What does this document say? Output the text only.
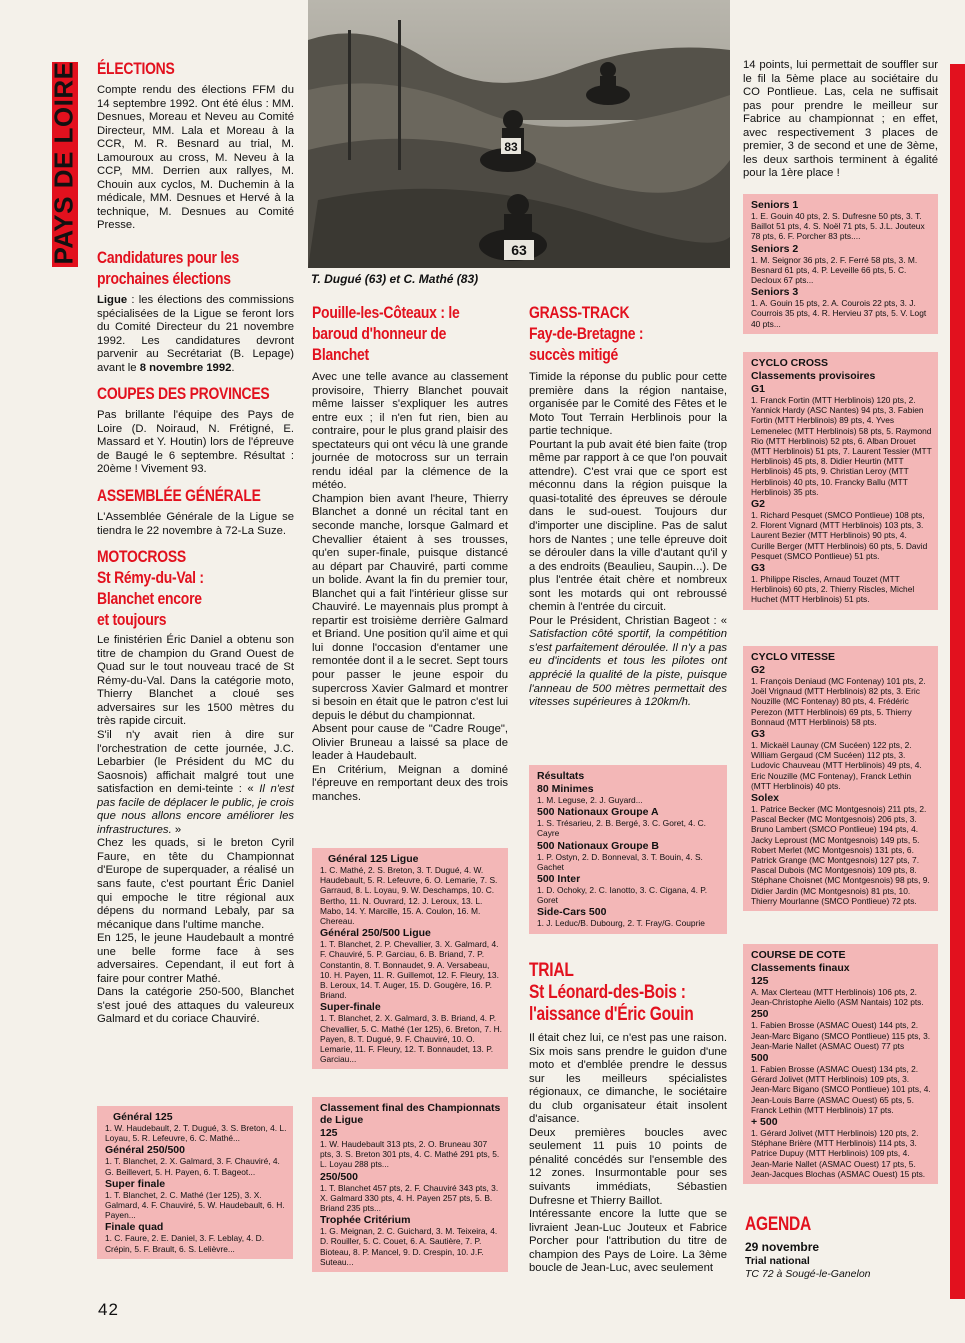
PAYS DE LOIRE	83
63
T. Dugué (63) et C. Mathé (83)
ÉLECTIONS

Compte rendu des élections FFM du 14 septembre 1992. Ont été élus : MM. Desnues, Moreau et Neveu au Comité Directeur, MM. Lala et Moreau à la CCR, M. R. Besnard au trial, M. Lamouroux au cross, M. Neveu à la CCP, MM. Derrien aux rallyes, M. Chouin aux cyclos, M. Duchemin à la médicale, MM. Desnues et Hervé à la technique, M. Desnues au Comité Presse.

Candidatures pour les
prochaines élections

Ligue : les élections des commissions spécialisées de la Ligue se feront lors du Comité Directeur du 21 novembre 1992. Les candidatures devront parvenir au Secrétariat (B. Lepage) avant le 8 novembre 1992.

COUPES DES PROVINCES

Pas brillante l'équipe des Pays de Loire (D. Noiraud, N. Frétigné, E. Massard et Y. Houtin) lors de l'épreuve de Baugé le 6 septembre. Résultat : 20ème ! Vivement 93.

ASSEMBLÉE GÉNÉRALE

L'Assemblée Générale de la Ligue se tiendra le 22 novembre à 72-La Suze.

MOTOCROSS
St Rémy-du-Val :
Blanchet encore
et toujours

Le finistérien Éric Daniel a obtenu son titre de champion du Grand Ouest de Quad sur le tout nouveau tracé de St Rémy-du-Val. Dans la catégorie moto, Thierry Blanchet a cloué ses adversaires sur les 1500 mètres du très rapide circuit.

S'il n'y avait rien à dire sur l'orchestration de cette journée, J.C. Lebarbier (le Président du MC du Saosnois) affichait malgré tout une satisfaction en demi-teinte : « Il n'est pas facile de déplacer le public, je crois que nous allons encore améliorer les infrastructures. »

Chez les quads, si le breton Cyril Faure, en tête du Championnat d'Europe de superquader, a réalisé un sans faute, c'est pourtant Éric Daniel qui empoche le titre régional aux dépens du normand Lebaly, par sa mécanique dans l'ultime manche.

En 125, le jeune Haudebault a montré une belle forme face à ses adversaires. Cependant, il eut fort à faire pour contrer Mathé.

Dans la catégorie 250-500, Blanchet s'est joué des attaques du valeureux Galmard et du coriace Chauviré.

Général 125
1. W. Haudebault, 2. T. Dugué, 3. S. Breton, 4. L. Loyau, 5. R. Lefeuvre, 6. C. Mathé...
Général 250/500
1. T. Blanchet, 2. X. Galmard, 3. F. Chauviré, 4. G. Beillevert, 5. H. Payen, 6. T. Bageot...
Super finale
1. T. Blanchet, 2. C. Mathé (1er 125), 3. X. Galmard, 4. F. Chauviré, 5. W. Haudebault, 6. H. Payen...
Finale quad
1. C. Faure, 2. E. Daniel, 3. F. Leblay, 4. D. Crépin, 5. F. Brault, 6. S. Lelièvre...
Pouille-les-Côteaux : le
baroud d'honneur de
Blanchet

Avec une telle avance au classement provisoire, Thierry Blanchet pouvait même laisser s'expliquer les autres entre eux ; il n'en fut rien, bien au contraire, pour le plus grand plaisir des spectateurs qui ont vécu là une grande journée de motocross sur un terrain rendu idéal par la clémence de la météo.

Champion bien avant l'heure, Thierry Blanchet a donné un récital tant en seconde manche, lorsque Galmard et Chevallier étaient à ses trousses, qu'en super-finale, puisque distancé au départ par Chauviré, parti comme un bolide. Avant la fin du premier tour, Blanchet qui a fait l'intérieur glisse sur Chauviré. Le mayennais plus prompt à repartir est troisième derrière Galmard et Briand. Une position qu'il aime et qui lui donne l'occasion d'entamer une remontée dont il a le secret. Sept tours pour passer le jeune espoir du supercross Xavier Galmard et montrer si besoin en était que le patron c'est lui depuis le début du championnat.

Absent pour cause de "Cadre Rouge", Olivier Bruneau a laissé sa place de leader à Haudebault.

En Critérium, Meignan a dominé l'épreuve en remportant deux des trois manches.

Général 125 Ligue
1. C. Mathé, 2. S. Breton, 3. T. Dugué, 4. W. Haudebault, 5. R. Lefeuvre, 6. O. Lemarie, 7. S. Garraud, 8. L. Loyau, 9. W. Deschamps, 10. C. Bertho, 11. N. Ouvrard, 12. J. Leroux, 13. L. Mabo, 14. Y. Marcille, 15. A. Coulon, 16. M. Chereau.
Général 250/500 Ligue
1. T. Blanchet, 2. P. Chevallier, 3. X. Galmard, 4. F. Chauviré, 5. P. Garciau, 6. B. Briand, 7. P. Constantin, 8. T. Bonnaudet, 9. A. Versabeau, 10. H. Payen, 11. R. Guillemot, 12. F. Fleury, 13. B. Leroux, 14. T. Auger, 15. D. Gougère, 16. P. Briand.
Super-finale
1. T. Blanchet, 2. X. Galmard, 3. B. Briand, 4. P. Chevallier, 5. C. Mathé (1er 125), 6. Breton, 7. H. Payen, 8. T. Dugué, 9. F. Chauviré, 10. O. Lemarie, 11. F. Fleury, 12. T. Bonnaudet, 13. P. Garciau...
Classement final des Championnats de Ligue
125
1. W. Haudebault 313 pts, 2. O. Bruneau 307 pts, 3. S. Breton 301 pts, 4. C. Mathé 291 pts, 5. L. Loyau 288 pts...
250/500
1. T. Blanchet 457 pts, 2. F. Chauviré 343 pts, 3. X. Galmard 330 pts, 4. H. Payen 257 pts, 5. B. Briand 235 pts...
Trophée Critérium
1. G. Meignan, 2. C. Guichard, 3. M. Teixeira, 4. D. Rouiller, 5. C. Couet, 6. A. Sautière, 7. P. Bioteau, 8. P. Mancel, 9. D. Crespin, 10. J.F. Suteau...
GRASS-TRACK
Fay-de-Bretagne :
succès mitigé

Timide la réponse du public pour cette première dans la région nantaise, organisée par le Comité des Fêtes et le Moto Tout Terrain Herblinois pour la partie technique.

Pourtant la pub avait été bien faite (trop même par rapport à ce que l'on pouvait attendre). C'est vrai que ce sport est méconnu dans la région puisque la quasi-totalité des épreuves se déroule dans le sud-ouest. Toujours dur d'importer une discipline. Pas de salut hors de Nantes ; une telle épreuve doit se dérouler dans la ville d'autant qu'il y a des endroits (Beaulieu, Saupin...). De plus l'entrée était chère et nombreux sont les motards qui ont rebroussé chemin à l'entrée du circuit.

Pour le Président, Christian Bageot : « Satisfaction côté sportif, la compétition s'est parfaitement déroulée. Il n'y a pas eu d'incidents et tous les pilotes ont apprécié la qualité de la piste, puisque l'anneau de 500 mètres permettait des vitesses supérieures à 120km/h.

Résultats
80 Minimes
1. M. Leguse, 2. J. Guyard...
500 Nationaux Groupe A
1. S. Trésarieu, 2. B. Bergé, 3. C. Goret, 4. C. Cayre
500 Nationaux Groupe B
1. P. Ostyn, 2. D. Bonneval, 3. T. Bouin, 4. S. Gachet
500 Inter
1. D. Ochoky, 2. C. Ianotto, 3. C. Cigana, 4. P. Goret
Side-Cars 500
1. J. Leduc/B. Dubourg, 2. T. Fray/G. Couprie
TRIAL
St Léonard-des-Bois :
l'aissance d'Éric Gouin

Il était chez lui, ce n'est pas une raison. Six mois sans prendre le guidon d'une moto et d'emblée prendre le dessus sur les meilleurs spécialistes régionaux, ce dimanche, le sociétaire du club organisateur était insolent d'aisance.

Deux premières boucles avec seulement 11 puis 10 points de pénalité concédés sur l'ensemble des 12 zones. Insurmontable pour ses suivants immédiats, Sébastien Dufresne et Thierry Baillot.

Intéressante encore la lutte que se livraient Jean-Luc Jouteux et Fabrice Porcher pour l'attribution du titre de champion des Pays de Loire. La 3ème boucle de Jean-Luc, avec seulement

14 points, lui permettait de souffler sur le fil la 5ème place au sociétaire du CO Pontlieue. Las, cela ne suffisait pas pour prendre le meilleur sur Fabrice au championnat ; en effet, avec respectivement 3 places de premier, 3 de second et une de 3ème, les deux sarthois terminent à égalité pour la 1ère place !

Seniors 1
1. E. Gouin 40 pts, 2. S. Dufresne 50 pts, 3. T. Baillot 51 pts, 4. S. Noël 71 pts, 5. J.L. Jouteux 78 pts, 6. F. Porcher 83 pts....
Seniors 2
1. M. Seignor 36 pts, 2. F. Ferré 58 pts, 3. M. Besnard 61 pts, 4. P. Leveille 66 pts, 5. C. Decloux 67 pts...
Seniors 3
1. A. Gouin 15 pts, 2. A. Courois 22 pts, 3. J. Courrois 35 pts, 4. R. Hervieu 37 pts, 5. V. Logt 40 pts...
CYCLO CROSS
Classements provisoires
G1
1. Franck Fortin (MTT Herblinois) 120 pts, 2. Yannick Hardy (ASC Nantes) 94 pts, 3. Fabien Fortin (MTT Herblinois) 89 pts, 4. Yves Lemenelec (MTT Herblinois) 58 pts, 5. Raymond Rio (MTT Herblinois) 52 pts, 6. Alban Drouet (MTT Herblinois) 51 pts, 7. Laurent Tessier (MTT Herblinois) 45 pts, 8. Didier Heurtin (MTT Herblinois) 45 pts, 9. Christian Leroy (MTT Herblinois) 40 pts, 10. Francky Ballu (MTT Herblinois) 35 pts.
G2
1. Richard Pesquet (SMCO Pontlieue) 108 pts, 2. Florent Vignard (MTT Herblinois) 103 pts, 3. Laurent Bezier (MTT Herblinois) 90 pts, 4. Curille Berger (MTT Herblinois) 60 pts, 5. David Pesquet (SMCO Pontlieue) 51 pts.
G3
1. Philippe Riscles, Arnaud Touzet (MTT Herblinois) 60 pts, 2. Thierry Riscles, Michel Huchet (MTT Herblinois) 51 pts.
CYCLO VITESSE
G2
1. François Deniaud (MC Fontenay) 101 pts, 2. Joël Vrignaud (MTT Herblinois) 82 pts, 3. Eric Nouzille (MC Fontenay) 80 pts, 4. Frédéric Perezon (MTT Herblinois) 69 pts, 5. Thierry Bonnaud (MTT Herblinois) 58 pts.
G3
1. Mickaël Launay (CM Sucéen) 122 pts, 2. William Gergaud (CM Sucéen) 112 pts, 3. Ludovic Chauveau (MTT Herblinois) 49 pts, 4. Eric Nouzille (MC Fontenay), Franck Lethin (MTT Herblinois) 40 pts.
Solex
1. Patrice Becker (MC Montgesnois) 211 pts, 2. Pascal Becker (MC Montgesnois) 206 pts, 3. Bruno Lambert (SMCO Pontlieue) 194 pts, 4. Jacky Leproust (MC Montgesnois) 149 pts, 5. Robert Merlet (MC Montgesnois) 131 pts, 6. Patrick Grange (MC Montgesnois) 127 pts, 7. Pascal Dubois (MC Montgesnois) 109 pts, 8. Stéphane Choisnet (MC Montgesnois) 98 pts, 9. Didier Jardin (MC Montgesnois) 81 pts, 10. Thierry Mourlanne (SMCO Pontlieue) 72 pts.
COURSE DE COTE
Classements finaux
125
A. Max Clerteau (MTT Herblinois) 106 pts, 2. Jean-Christophe Aiello (ASM Nantais) 102 pts.
250
1. Fabien Brosse (ASMAC Ouest) 144 pts, 2. Jean-Marc Bigano (SMCO Pontlieue) 115 pts, 3. Jean-Marie Nallet (ASMAC Ouest) 77 pts
500
1. Fabien Brosse (ASMAC Ouest) 134 pts, 2. Gérard Jolivet (MTT Herblinois) 109 pts, 3. Jean-Marc Bigano (SMCO Pontlieue) 101 pts, 4. Jean-Louis Barre (ASMAC Ouest) 65 pts, 5. Franck Lethin (MTT Herblinois) 17 pts.
+ 500
1. Gérard Jolivet (MTT Herblinois) 120 pts, 2. Stéphane Brière (MTT Herblinois) 114 pts, 3. Patrice Dupuy (MTT Herblinois) 109 pts, 4. Jean-Marie Nallet (ASMAC Ouest) 17 pts, 5. Jean-Jacques Blochas (ASMAC Ouest) 15 pts.
AGENDA
29 novembre
Trial national
TC 72 à Sougé-le-Ganelon
42
